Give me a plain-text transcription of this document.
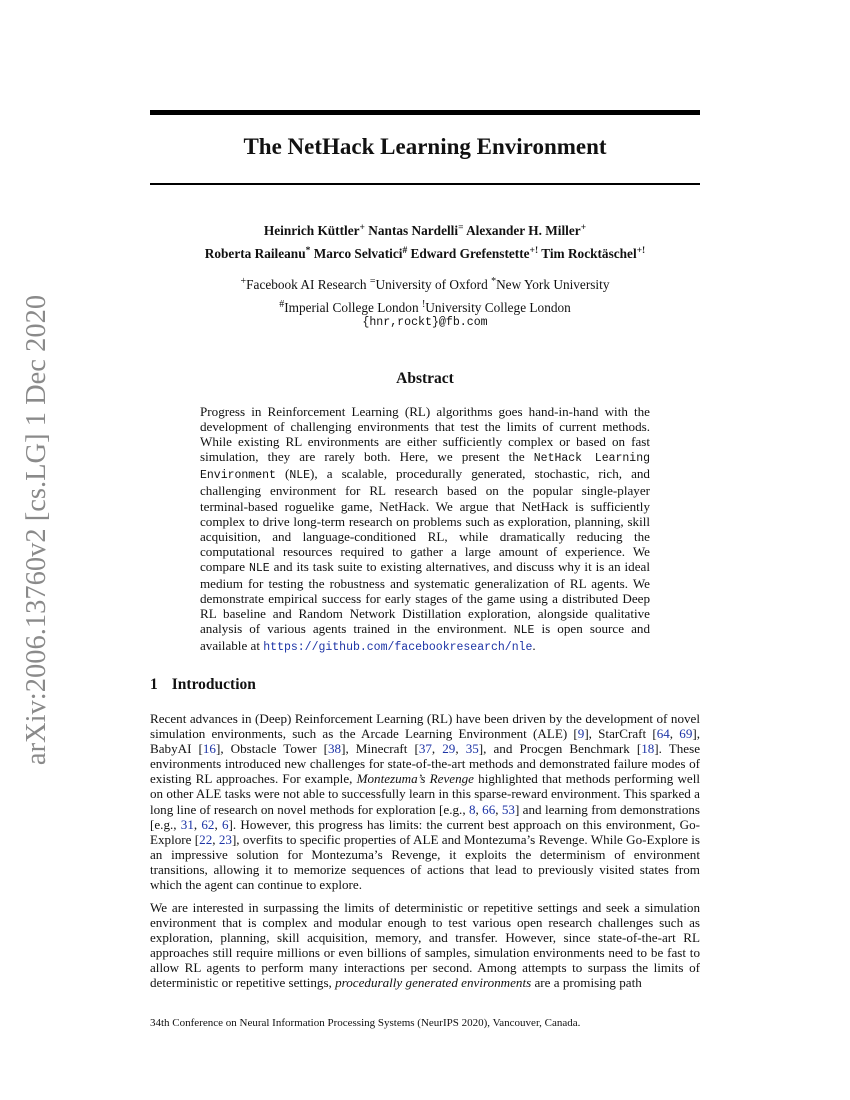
arXiv:2006.13760v2 [cs.LG] 1 Dec 2020
The NetHack Learning Environment
Heinrich Küttler+ Nantas Nardelli= Alexander H. Miller+
Roberta Raileanu* Marco Selvatici# Edward Grefenstette+! Tim Rocktäschel+!
+Facebook AI Research =University of Oxford *New York University
#Imperial College London !University College London
{hnr,rockt}@fb.com
Abstract

Progress in Reinforcement Learning (RL) algorithms goes hand-in-hand with the development of challenging environments that test the limits of current methods. While existing RL environments are either sufficiently complex or based on fast simulation, they are rarely both. Here, we present the NetHack Learning Environment (NLE), a scalable, procedurally generated, stochastic, rich, and challenging environment for RL research based on the popular single-player terminal-based roguelike game, NetHack. We argue that NetHack is sufficiently complex to drive long-term research on problems such as exploration, planning, skill acquisition, and language-conditioned RL, while dramatically reducing the computational resources required to gather a large amount of experience. We compare NLE and its task suite to existing alternatives, and discuss why it is an ideal medium for testing the robustness and systematic generalization of RL agents. We demonstrate empirical success for early stages of the game using a distributed Deep RL baseline and Random Network Distillation exploration, alongside qualitative analysis of various agents trained in the environment. NLE is open source and available at https://github.com/facebookresearch/nle.

1 Introduction

Recent advances in (Deep) Reinforcement Learning (RL) have been driven by the development of novel simulation environments, such as the Arcade Learning Environment (ALE) [9], StarCraft [64, 69], BabyAI [16], Obstacle Tower [38], Minecraft [37, 29, 35], and Procgen Benchmark [18]. These environments introduced new challenges for state-of-the-art methods and demonstrated failure modes of existing RL approaches. For example, Montezuma’s Revenge highlighted that methods performing well on other ALE tasks were not able to successfully learn in this sparse-reward environment. This sparked a long line of research on novel methods for exploration [e.g., 8, 66, 53] and learning from demonstrations [e.g., 31, 62, 6]. However, this progress has limits: the current best approach on this environment, Go-Explore [22, 23], overfits to specific properties of ALE and Montezuma’s Revenge. While Go-Explore is an impressive solution for Montezuma’s Revenge, it exploits the determinism of environment transitions, allowing it to memorize sequences of actions that lead to previously visited states from which the agent can continue to explore.

We are interested in surpassing the limits of deterministic or repetitive settings and seek a simulation environment that is complex and modular enough to test various open research challenges such as exploration, planning, skill acquisition, memory, and transfer. However, since state-of-the-art RL approaches still require millions or even billions of samples, simulation environments need to be fast to allow RL agents to perform many interactions per second. Among attempts to surpass the limits of deterministic or repetitive settings, procedurally generated environments are a promising path

34th Conference on Neural Information Processing Systems (NeurIPS 2020), Vancouver, Canada.
